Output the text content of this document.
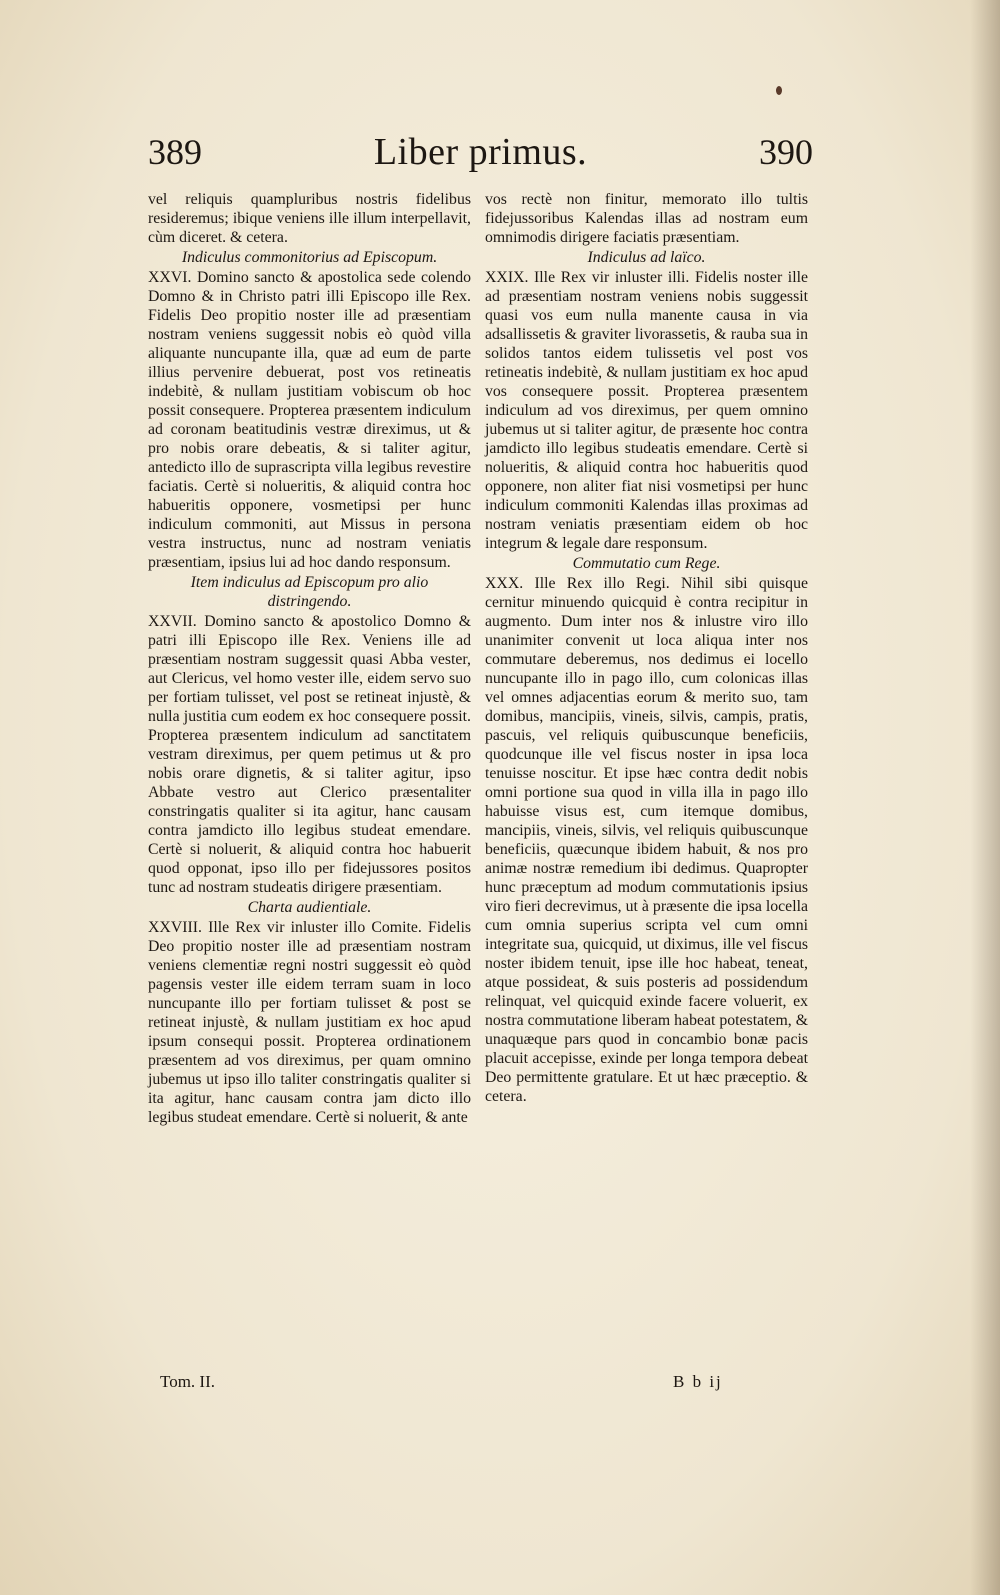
389	Liber primus.	390

vel reliquis quampluribus nostris fidelibus resideremus; ibique veniens ille illum interpellavit, cùm diceret. & cetera.

Indiculus commonitorius ad Episcopum.

XXVI. Domino sancto & apostolica sede colendo Domno & in Christo patri illi Episcopo ille Rex. Fidelis Deo propitio noster ille ad præsentiam nostram veniens suggessit nobis eò quòd villa aliquante nuncupante illa, quæ ad eum de parte illius pervenire debuerat, post vos retineatis indebitè, & nullam justitiam vobiscum ob hoc possit consequere. Propterea præsentem indiculum ad coronam beatitudinis vestræ direximus, ut & pro nobis orare debeatis, & si taliter agitur, antedicto illo de suprascripta villa legibus revestire faciatis. Certè si nolueritis, & aliquid contra hoc habueritis opponere, vosmetipsi per hunc indiculum commoniti, aut Missus in persona vestra instructus, nunc ad nostram veniatis præsentiam, ipsius lui ad hoc dando responsum.

Item indiculus ad Episcopum pro alio distringendo.

XXVII. Domino sancto & apostolico Domno & patri illi Episcopo ille Rex. Veniens ille ad præsentiam nostram suggessit quasi Abba vester, aut Clericus, vel homo vester ille, eidem servo suo per fortiam tulisset, vel post se retineat injustè, & nulla justitia cum eodem ex hoc consequere possit. Propterea præsentem indiculum ad sanctitatem vestram direximus, per quem petimus ut & pro nobis orare dignetis, & si taliter agitur, ipso Abbate vestro aut Clerico præsentaliter constringatis qualiter si ita agitur, hanc causam contra jamdicto illo legibus studeat emendare. Certè si noluerit, & aliquid contra hoc habuerit quod opponat, ipso illo per fidejussores positos tunc ad nostram studeatis dirigere præsentiam.

Charta audientiale.

XXVIII. Ille Rex vir inluster illo Comite. Fidelis Deo propitio noster ille ad præsentiam nostram veniens clementiæ regni nostri suggessit eò quòd pagensis vester ille eidem terram suam in loco nuncupante illo per fortiam tulisset & post se retineat injustè, & nullam justitiam ex hoc apud ipsum consequi possit. Propterea ordinationem præsentem ad vos direximus, per quam omnino jubemus ut ipso illo taliter constringatis qualiter si ita agitur, hanc causam contra jam dicto illo legibus studeat emendare. Certè si noluerit, & ante

vos rectè non finitur, memorato illo tultis fidejussoribus Kalendas illas ad nostram eum omnimodis dirigere faciatis præsentiam.

Indiculus ad laïco.

XXIX. Ille Rex vir inluster illi. Fidelis noster ille ad præsentiam nostram veniens nobis suggessit quasi vos eum nulla manente causa in via adsallissetis & graviter livorassetis, & rauba sua in solidos tantos eidem tulissetis vel post vos retineatis indebitè, & nullam justitiam ex hoc apud vos consequere possit. Propterea præsentem indiculum ad vos direximus, per quem omnino jubemus ut si taliter agitur, de præsente hoc contra jamdicto illo legibus studeatis emendare. Certè si nolueritis, & aliquid contra hoc habueritis quod opponere, non aliter fiat nisi vosmetipsi per hunc indiculum commoniti Kalendas illas proximas ad nostram veniatis præsentiam eidem ob hoc integrum & legale dare responsum.

Commutatio cum Rege.

XXX. Ille Rex illo Regi. Nihil sibi quisque cernitur minuendo quicquid è contra recipitur in augmento. Dum inter nos & inlustre viro illo unanimiter convenit ut loca aliqua inter nos commutare deberemus, nos dedimus ei locello nuncupante illo in pago illo, cum colonicas illas vel omnes adjacentias eorum & merito suo, tam domibus, mancipiis, vineis, silvis, campis, pratis, pascuis, vel reliquis quibuscunque beneficiis, quodcunque ille vel fiscus noster in ipsa loca tenuisse noscitur. Et ipse hæc contra dedit nobis omni portione sua quod in villa illa in pago illo habuisse visus est, cum itemque domibus, mancipiis, vineis, silvis, vel reliquis quibuscunque beneficiis, quæcunque ibidem habuit, & nos pro animæ nostræ remedium ibi dedimus. Quapropter hunc præceptum ad modum commutationis ipsius viro fieri decrevimus, ut à præsente die ipsa locella cum omnia superius scripta vel cum omni integritate sua, quicquid, ut diximus, ille vel fiscus noster ibidem tenuit, ipse ille hoc habeat, teneat, atque possideat, & suis posteris ad possidendum relinquat, vel quicquid exinde facere voluerit, ex nostra commutatione liberam habeat potestatem, & unaquæque pars quod in concambio bonæ pacis placuit accepisse, exinde per longa tempora debeat Deo permittente gratulare. Et ut hæc præceptio. & cetera.

Tom. II.	B b ij
